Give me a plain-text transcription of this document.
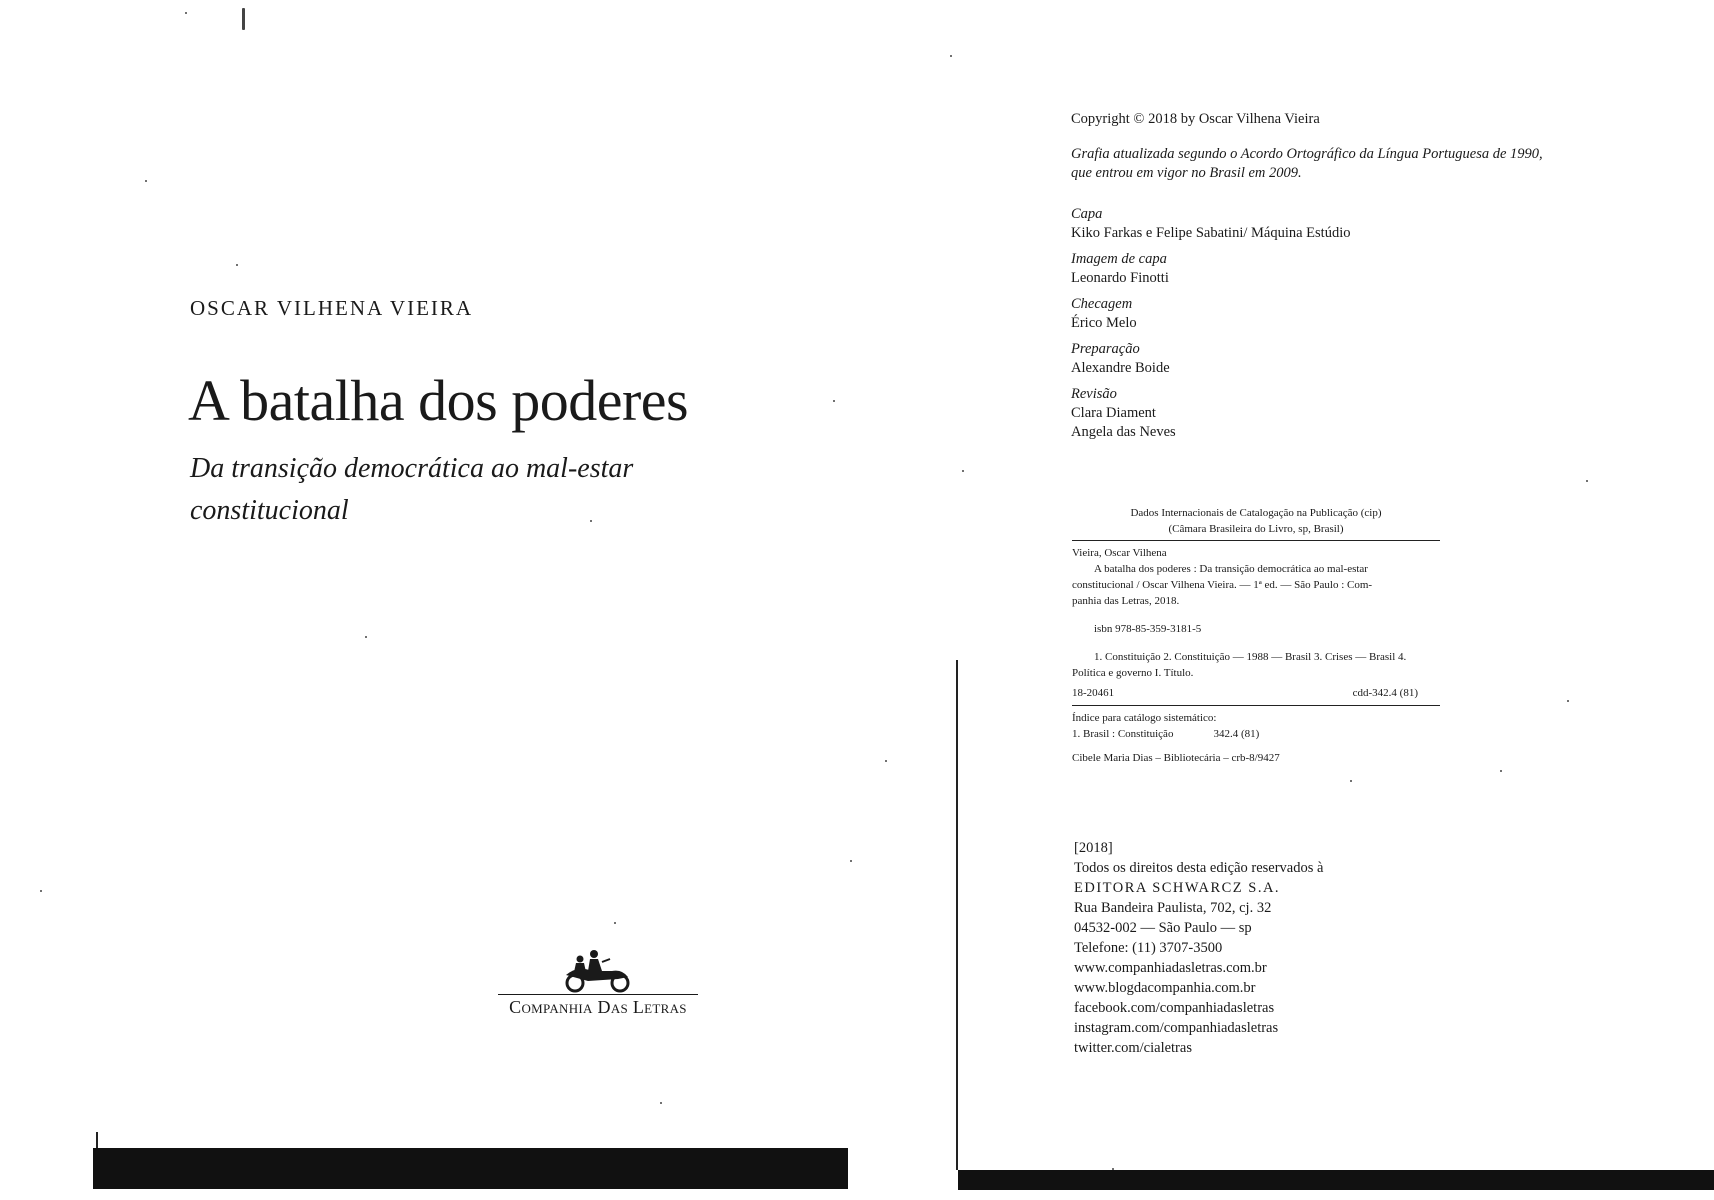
OSCAR VILHENA VIEIRA
A batalha dos poderes
Da transição democrática ao mal-estar
constitucional
Companhia Das Letras
Copyright © 2018 by Oscar Vilhena Vieira
Grafia atualizada segundo o Acordo Ortográfico da Língua Portuguesa de 1990,
que entrou em vigor no Brasil em 2009.
Capa
Kiko Farkas e Felipe Sabatini/ Máquina Estúdio
Imagem de capa
Leonardo Finotti
Checagem
Érico Melo
Preparação
Alexandre Boide
Revisão
Clara Diament
Angela das Neves
Dados Internacionais de Catalogação na Publicação (cip)
(Câmara Brasileira do Livro, sp, Brasil)
Vieira, Oscar Vilhena
A batalha dos poderes : Da transição democrática ao mal-estar
constitucional / Oscar Vilhena Vieira. — 1ª ed. — São Paulo : Com-
panhia das Letras, 2018.
isbn 978-85-359-3181-5
1. Constituição 2. Constituição — 1988 — Brasil 3. Crises — Brasil 4.
Política e governo I. Título.
18-20461	cdd-342.4 (81)
Índice para catálogo sistemático:
1. Brasil : Constituição	342.4 (81)
Cibele Maria Dias – Bibliotecária – crb-8/9427
[2018]
Todos os direitos desta edição reservados à
EDITORA SCHWARCZ S.A.
Rua Bandeira Paulista, 702, cj. 32
04532-002 — São Paulo — sp
Telefone: (11) 3707-3500
www.companhiadasletras.com.br
www.blogdacompanhia.com.br
facebook.com/companhiadasletras
instagram.com/companhiadasletras
twitter.com/cialetras
